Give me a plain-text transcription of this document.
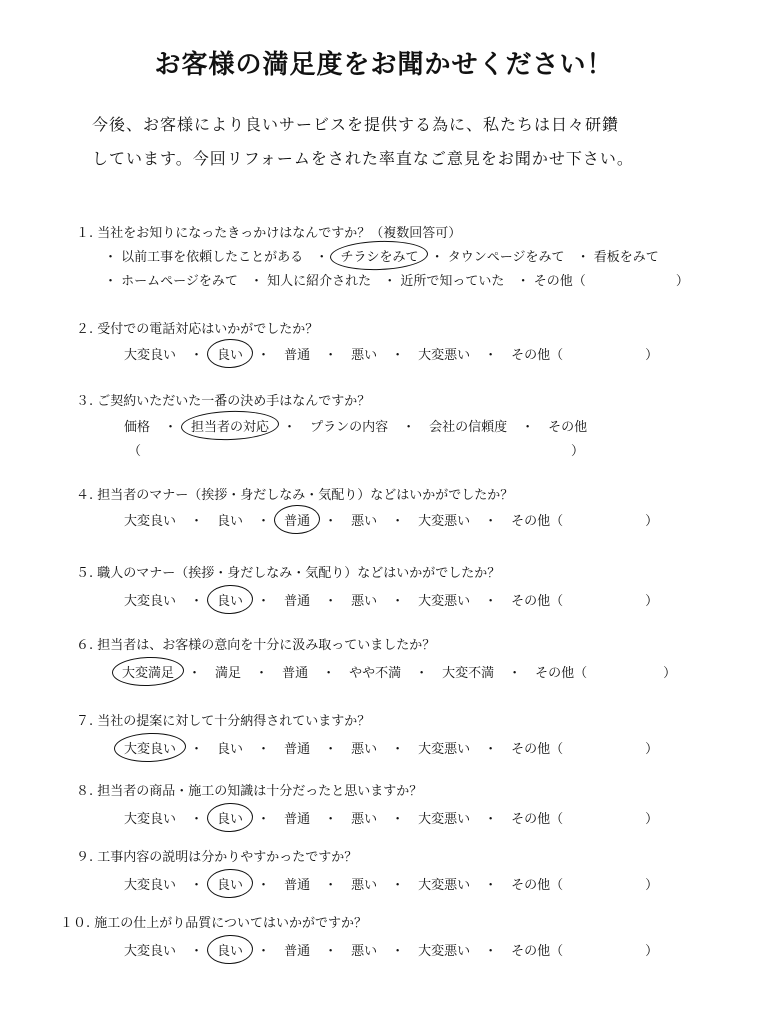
お客様の満足度をお聞かせください！
今後、お客様により良いサービスを提供する為に、私たちは日々研鑽
しています。今回リフォームをされた率直なご意見をお聞かせ下さい。
１. 当社をお知りになったきっかけはなんですか？（複数回答可）
・ 以前工事を依頼したことがある ・ チラシをみて ・ タウンページをみて ・ 看板をみて
・ ホームページをみて ・ 知人に紹介された ・ 近所で知っていた ・ その他（	）
２. 受付での電話対応はいかがでしたか？
大変良い ・ 良い ・ 普通 ・ 悪い ・ 大変悪い ・ その他（	）
３. ご契約いただいた一番の決め手はなんですか？
価格 ・ 担当者の対応 ・ プランの内容 ・ 会社の信頼度 ・ その他
（	）
４. 担当者のマナー（挨拶・身だしなみ・気配り）などはいかがでしたか？
大変良い ・ 良い ・ 普通 ・ 悪い ・ 大変悪い ・ その他（	）
５. 職人のマナー（挨拶・身だしなみ・気配り）などはいかがでしたか？
大変良い ・ 良い ・ 普通 ・ 悪い ・ 大変悪い ・ その他（	）
６. 担当者は、お客様の意向を十分に汲み取っていましたか？
大変満足 ・ 満足 ・ 普通 ・ やや不満 ・ 大変不満 ・ その他（	）
７. 当社の提案に対して十分納得されていますか？
大変良い ・ 良い ・ 普通 ・ 悪い ・ 大変悪い ・ その他（	）
８. 担当者の商品・施工の知識は十分だったと思いますか？
大変良い ・ 良い ・ 普通 ・ 悪い ・ 大変悪い ・ その他（	）
９. 工事内容の説明は分かりやすかったですか？
大変良い ・ 良い ・ 普通 ・ 悪い ・ 大変悪い ・ その他（	）
１０. 施工の仕上がり品質についてはいかがですか？
大変良い ・ 良い ・ 普通 ・ 悪い ・ 大変悪い ・ その他（	）
